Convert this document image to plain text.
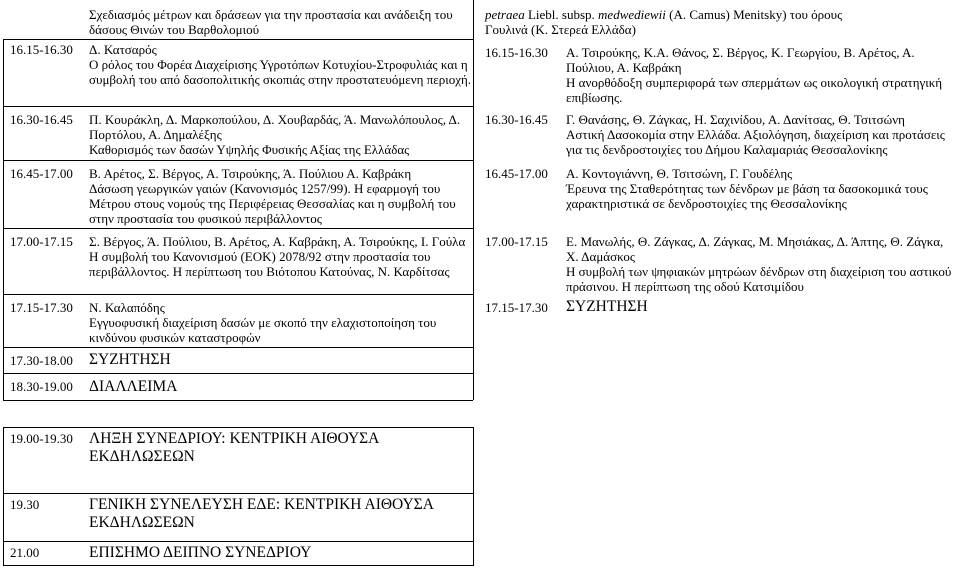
Σχεδιασμός μέτρων και δράσεων για την προστασία και ανάδειξη του
δάσους Θινών του Βαρθολομιού
16.15-16.30 Δ. Κατσαρός
Ο ρόλος του Φορέα Διαχείρισης Υγροτόπων Κοτυχίου-Στροφυλιάς και η
συμβολή του από δασοπολιτικής σκοπιάς στην προστατευόμενη περιοχή.
16.30-16.45 Π. Κουράκλη, Δ. Μαρκοπούλου, Δ. Χουβαρδάς, Ά. Μανωλόπουλος, Δ.
Πορτόλου, Α. Δημαλέξης
Καθορισμός των δασών Υψηλής Φυσικής Αξίας της Ελλάδας
16.45-17.00 Β. Αρέτος, Σ. Βέργος, Α. Τσιρούκης, Ά. Πούλιου Α. Καβράκη
Δάσωση γεωργικών γαιών (Κανονισμός 1257/99). Η εφαρμογή του
Μέτρου στους νομούς της Περιφέρειας Θεσσαλίας και η συμβολή του
στην προστασία του φυσικού περιβάλλοντος
17.00-17.15 Σ. Βέργος, Ά. Πούλιου, Β. Αρέτος, Α. Καβράκη, Α. Τσιρούκης, Ι. Γούλα
Η συμβολή του Κανονισμού (ΕΟΚ) 2078/92 στην προστασία του
περιβάλλοντος. Η περίπτωση του Βιότοπου Κατούνας, Ν. Καρδίτσας
17.15-17.30 Ν. Καλαπόδης
Εγγυοφυσική διαχείριση δασών με σκοπό την ελαχιστοποίηση του
κινδύνου φυσικών καταστροφών
17.30-18.00 ΣΥΖΗΤΗΣΗ
18.30-19.00 ΔΙΑΛΛΕΙΜΑ
petraea Liebl. subsp. medwediewii (A. Camus) Menitsky) του όρους
Γουλινά (Κ. Στερεά Ελλάδα)
16.15-16.30 Α. Τσιρούκης, Κ.Α. Θάνος, Σ. Βέργος, Κ. Γεωργίου, Β. Αρέτος, Α.
Πούλιου, Α. Καβράκη
Η ανορθόδοξη συμπεριφορά των σπερμάτων ως οικολογική στρατηγική
επιβίωσης.
16.30-16.45 Γ. Θανάσης, Θ. Ζάγκας, Η. Σαχινίδου, Α. Δανίτσας, Θ. Τσιτσώνη
Αστική Δασοκομία στην Ελλάδα. Αξιολόγηση, διαχείριση και προτάσεις
για τις δενδροστοιχίες του Δήμου Καλαμαριάς Θεσσαλονίκης
16.45-17.00 Α. Κοντογιάννη, Θ. Τσιτσώνη, Γ. Γουδέλης
Έρευνα της Σταθερότητας των δένδρων με βάση τα δασοκομικά τους
χαρακτηριστικά σε δενδροστοιχίες της Θεσσαλονίκης
17.00-17.15 Ε. Μανωλής, Θ. Ζάγκας, Δ. Ζάγκας, Μ. Μησιάκας, Δ. Άπτης, Θ. Ζάγκα,
Χ. Δαμάσκος
Η συμβολή των ψηφιακών μητρώων δένδρων στη διαχείριση του αστικού
πράσινου. Η περίπτωση της οδού Κατσιμίδου
17.15-17.30 ΣΥΖΗΤΗΣΗ
19.00-19.30 ΛΗΞΗ ΣΥΝΕΔΡΙΟΥ: ΚΕΝΤΡΙΚΗ ΑΙΘΟΥΣΑ
ΕΚΔΗΛΩΣΕΩΝ
19.30	ΓΕΝΙΚΗ ΣΥΝΕΛΕΥΣΗ ΕΔΕ: ΚΕΝΤΡΙΚΗ ΑΙΘΟΥΣΑ
ΕΚΔΗΛΩΣΕΩΝ
21.00	ΕΠΙΣΗΜΟ ΔΕΙΠΝΟ ΣΥΝΕΔΡΙΟΥ
